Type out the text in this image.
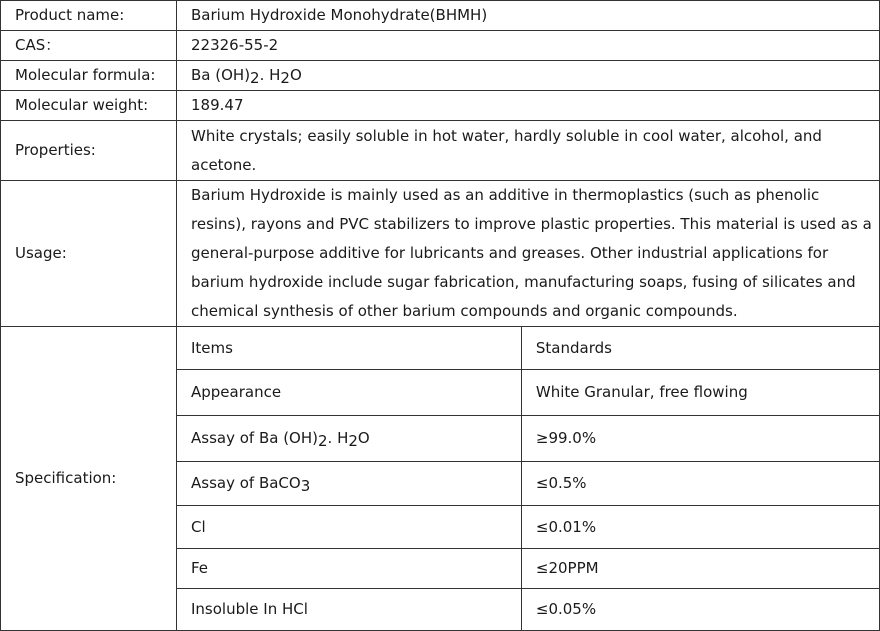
Product name:	Barium Hydroxide Monohydrate(BHMH)
CAS：	22326-55-2
Molecular formula:	Ba $(OH)_2$. $H_2O$
Molecular weight:	189.47
Properties:	White crystals; easily soluble in hot water, hardly soluble in cool water, alcohol, and acetone.
Usage:	Barium Hydroxide is mainly used as an additive in thermoplastics (such as phenolic resins), rayons and PVC stabilizers to improve plastic properties. This material is used as a general-purpose additive for lubricants and greases. Other industrial applications for barium hydroxide include sugar fabrication, manufacturing soaps, fusing of silicates and chemical synthesis of other barium compounds and organic compounds.
Specification:	
Items	Standards
Appearance	White Granular, free flowing
Assay of Ba $(OH)_2$. $H_2O$	≥99.0%
Assay of BaCO$_3$	≤0.5%
Cl	≤0.01%
Fe	≤20PPM
Insoluble In HCl	≤0.05%
